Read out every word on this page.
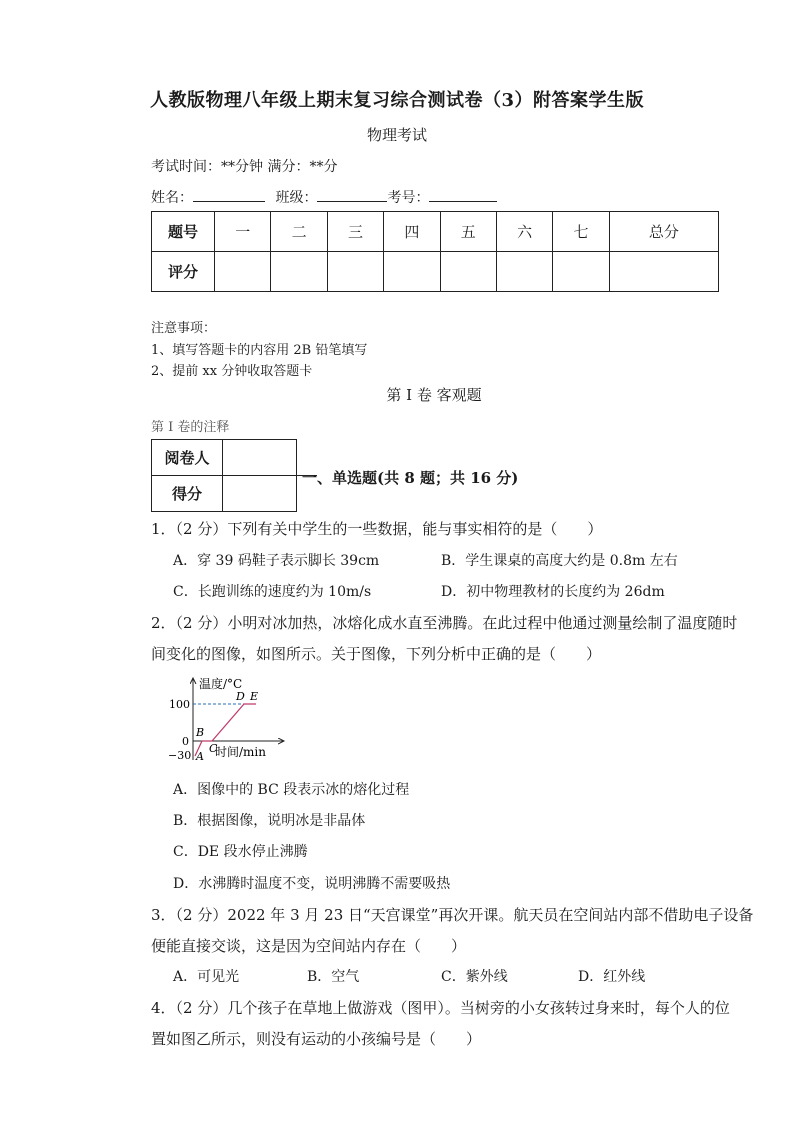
人教版物理八年级上期末复习综合测试卷（3）附答案学生版
物理考试
考试时间：**分钟 满分：**分
姓名：	班级：	考号：
题号	一	二	三	四	五	六	七	总分
评分								
注意事项：
1、填写答题卡的内容用 2B 铅笔填写
2、提前 xx 分钟收取答题卡
第 I 卷 客观题
第 I 卷的注释
阅卷人	
得分	
一、单选题(共 8 题；共 16 分)
1．（2 分）下列有关中学生的一些数据，能与事实相符的是（　　）
A．穿 39 码鞋子表示脚长 39cm	B．学生课桌的高度大约是 0.8m 左右
C．长跑训练的速度约为 10m/s	D．初中物理教材的长度约为 26dm
2．（2 分）小明对冰加热，冰熔化成水直至沸腾。在此过程中他通过测量绘制了温度随时
间变化的图像，如图所示。关于图像，下列分析中正确的是（　　）
温度/°C
时间/min
100
0
−30 A
B
C
D E
A．图像中的 BC 段表示冰的熔化过程
B．根据图像，说明冰是非晶体
C．DE 段水停止沸腾
D．水沸腾时温度不变，说明沸腾不需要吸热
3．（2 分）2022 年 3 月 23 日“天宫课堂”再次开课。航天员在空间站内部不借助电子设备
便能直接交谈，这是因为空间站内存在（　　）
A．可见光	B．空气	C．紫外线	D．红外线
4．（2 分）几个孩子在草地上做游戏（图甲）。当树旁的小女孩转过身来时，每个人的位
置如图乙所示，则没有运动的小孩编号是（　　）
